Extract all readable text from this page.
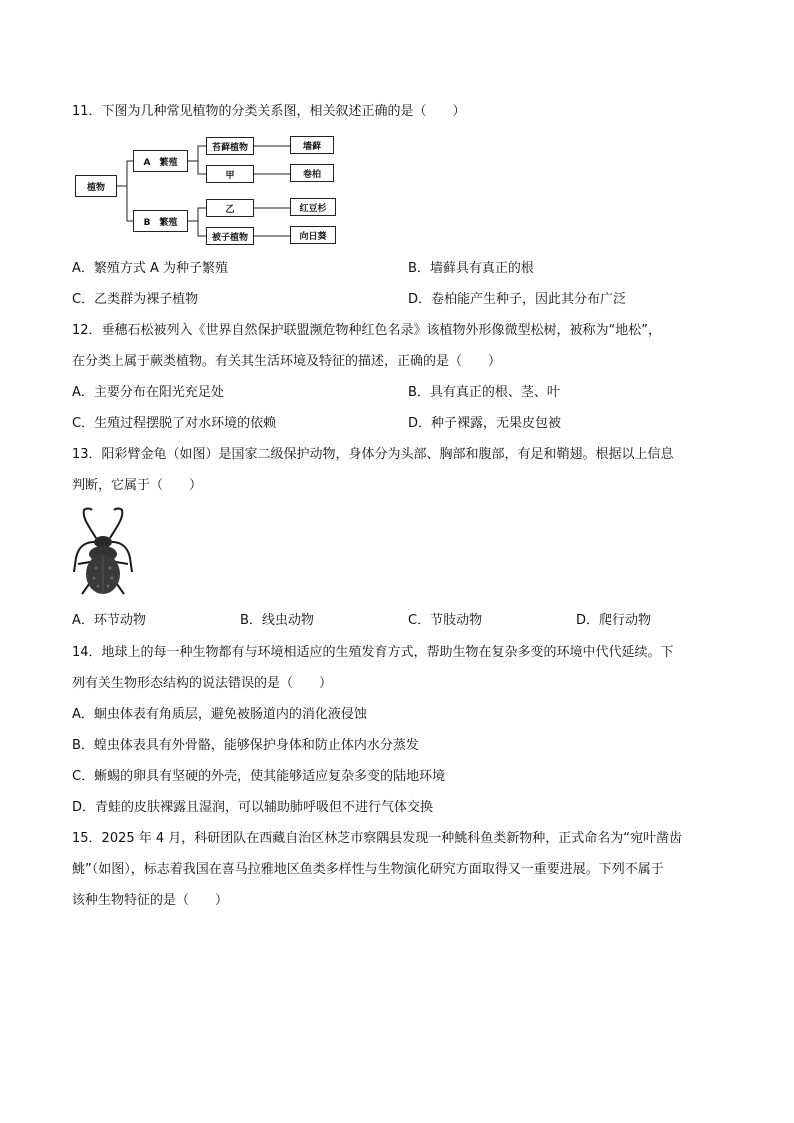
11．下图为几种常见植物的分类关系图，相关叙述正确的是（　　）
植物
A　繁殖
B　繁殖
苔藓植物
甲
乙
被子植物
墙藓
卷柏
红豆杉
向日葵
A．繁殖方式 A 为种子繁殖	B．墙藓具有真正的根
C．乙类群为裸子植物	D．卷柏能产生种子，因此其分布广泛
12．垂穗石松被列入《世界自然保护联盟濒危物种红色名录》该植物外形像微型松树，被称为“地松”，
在分类上属于蕨类植物。有关其生活环境及特征的描述，正确的是（　　）
A．主要分布在阳光充足处	B．具有真正的根、茎、叶
C．生殖过程摆脱了对水环境的依赖	D．种子裸露，无果皮包被
13．阳彩臂金龟（如图）是国家二级保护动物，身体分为头部、胸部和腹部，有足和鞘翅。根据以上信息
判断，它属于（　　）
A．环节动物	B．线虫动物	C．节肢动物	D．爬行动物
14．地球上的每一种生物都有与环境相适应的生殖发育方式，帮助生物在复杂多变的环境中代代延续。下
列有关生物形态结构的说法错误的是（　　）
A．蛔虫体表有角质层，避免被肠道内的消化液侵蚀
B．蝗虫体表具有外骨骼，能够保护身体和防止体内水分蒸发
C．蜥蜴的卵具有坚硬的外壳，使其能够适应复杂多变的陆地环境
D．青蛙的皮肤裸露且湿润，可以辅助肺呼吸但不进行气体交换
15．2025 年 4 月，科研团队在西藏自治区林芝市察隅县发现一种鮡科鱼类新物种，正式命名为“宛叶凿齿
鮡”（如图），标志着我国在喜马拉雅地区鱼类多样性与生物演化研究方面取得又一重要进展。下列不属于
该种生物特征的是（　　）
